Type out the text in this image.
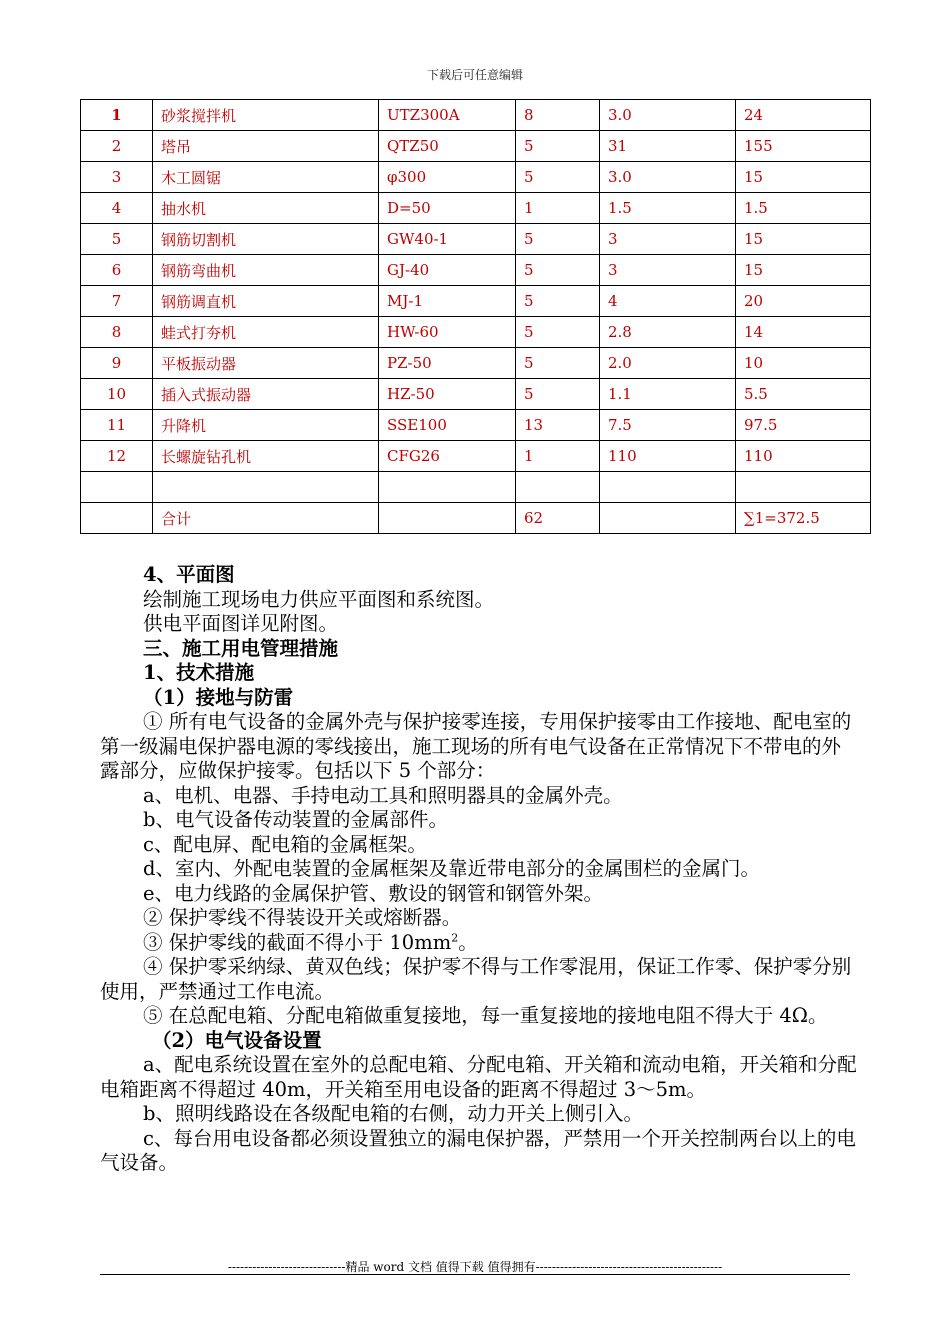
下载后可任意编辑
1	砂浆搅拌机	UTZ300A	8	3.0	24
2	塔吊	QTZ50	5	31	155
3	木工圆锯	φ300	5	3.0	15
4	抽水机	D=50	1	1.5	1.5
5	钢筋切割机	GW40-1	5	3	15
6	钢筋弯曲机	GJ-40	5	3	15
7	钢筋调直机	MJ-1	5	4	20
8	蛙式打夯机	HW-60	5	2.8	14
9	平板振动器	PZ-50	5	2.0	10
10	插入式振动器	HZ-50	5	1.1	5.5
11	升降机	SSE100	13	7.5	97.5
12	长螺旋钻孔机	CFG26	1	110	110

	合计		62		∑1=372.5

4、平面图

绘制施工现场电力供应平面图和系统图。

供电平面图详见附图。

三、施工用电管理措施

1、技术措施

（1）接地与防雷

① 所有电气设备的金属外壳与保护接零连接，专用保护接零由工作接地、配电室的第一级漏电保护器电源的零线接出，施工现场的所有电气设备在正常情况下不带电的外露部分，应做保护接零。包括以下 5 个部分：

a、电机、电器、手持电动工具和照明器具的金属外壳。

b、电气设备传动装置的金属部件。

c、配电屏、配电箱的金属框架。

d、室内、外配电装置的金属框架及靠近带电部分的金属围栏的金属门。

e、电力线路的金属保护管、敷设的钢管和钢管外架。

② 保护零线不得装设开关或熔断器。

③ 保护零线的截面不得小于 $10mm^2$。

④ 保护零采纳绿、黄双色线；保护零不得与工作零混用，保证工作零、保护零分别使用，严禁通过工作电流。

⑤ 在总配电箱、分配电箱做重复接地，每一重复接地的接地电阻不得大于 4Ω。

（2）电气设备设置

a、配电系统设置在室外的总配电箱、分配电箱、开关箱和流动电箱，开关箱和分配电箱距离不得超过 40m，开关箱至用电设备的距离不得超过 3～5m。

b、照明线路设在各级配电箱的右侧，动力开关上侧引入。

c、每台用电设备都必须设置独立的漏电保护器，严禁用一个开关控制两台以上的电气设备。

-----------------------------精品 word 文档 值得下载 值得拥有----------------------------------------------
